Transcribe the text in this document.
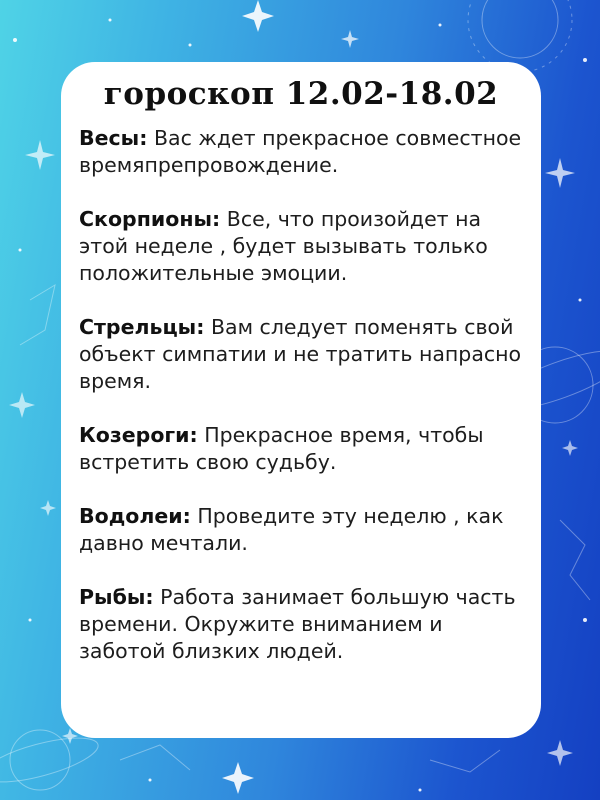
гороскоп 12.02-18.02

Весы: Вас ждет прекрасное совместное времяпрепровождение.

Скорпионы: Все, что произойдет на этой неделе , будет вызывать только положительные эмоции.

Стрельцы: Вам следует поменять свой объект симпатии и не тратить напрасно время.

Козероги: Прекрасное время, чтобы встретить свою судьбу.

Водолеи: Проведите эту неделю , как давно мечтали.

Рыбы: Работа занимает большую часть времени. Окружите вниманием и заботой близких людей.
